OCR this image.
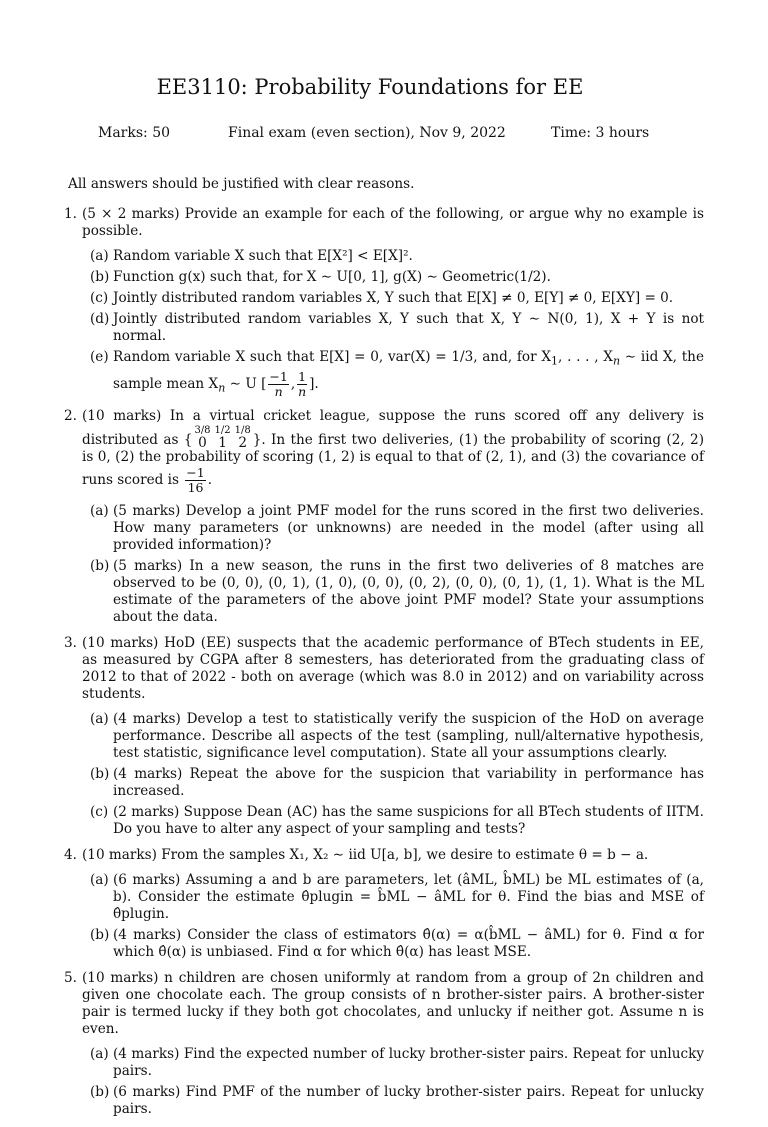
EE3110: Probability Foundations for EE
Marks: 50	Final exam (even section), Nov 9, 2022	Time: 3 hours
All answers should be justified with clear reasons.
1. (5 × 2 marks) Provide an example for each of the following, or argue why no example is possible.
(a) Random variable X such that E[X²] < E[X]².
(b) Function g(x) such that, for X ∼ U[0, 1], g(X) ∼ Geometric(1/2).
(c) Jointly distributed random variables X, Y such that E[X] ≠ 0, E[Y] ≠ 0, E[XY] = 0.
(d) Jointly distributed random variables X, Y such that X, Y ∼ N(0, 1), X + Y is not normal.
(e) Random variable X such that E[X] = 0, var(X) = 1/3, and, for $X_1$, . . . , $X_n$ ∼ iid X, the sample mean $X_n$ ∼ U [ $\frac{-1}{n}$ , $\frac{1}{n}$ ].
2. (10 marks) In a virtual cricket league, suppose the runs scored off any delivery is distributed as {3/8	1/2	1/8
0	1	2 }. In the first two deliveries, (1) the probability of scoring (2, 2) is 0, (2) the probability of scoring (1, 2) is equal to that of (2, 1), and (3) the covariance of runs scored is $\frac{-1}{16}$ .
(a) (5 marks) Develop a joint PMF model for the runs scored in the first two deliveries. How many parameters (or unknowns) are needed in the model (after using all provided information)?
(b) (5 marks) In a new season, the runs in the first two deliveries of 8 matches are observed to be (0, 0), (0, 1), (1, 0), (0, 0), (0, 2), (0, 0), (0, 1), (1, 1). What is the ML estimate of the parameters of the above joint PMF model? State your assumptions about the data.
3. (10 marks) HoD (EE) suspects that the academic performance of BTech students in EE, as measured by CGPA after 8 semesters, has deteriorated from the graduating class of 2012 to that of 2022 - both on average (which was 8.0 in 2012) and on variability across students.
(a) (4 marks) Develop a test to statistically verify the suspicion of the HoD on average performance. Describe all aspects of the test (sampling, null/alternative hypothesis, test statistic, significance level computation). State all your assumptions clearly.
(b) (4 marks) Repeat the above for the suspicion that variability in performance has increased.
(c) (2 marks) Suppose Dean (AC) has the same suspicions for all BTech students of IITM. Do you have to alter any aspect of your sampling and tests?
4. (10 marks) From the samples X₁, X₂ ∼ iid U[a, b], we desire to estimate θ = b − a.
(a) (6 marks) Assuming a and b are parameters, let (âML, b̂ML) be ML estimates of (a, b). Consider the estimate θ̂plugin = b̂ML − âML for θ. Find the bias and MSE of θ̂plugin.
(b) (4 marks) Consider the class of estimators θ̂(α) = α(b̂ML − âML) for θ. Find α for which θ̂(α) is unbiased. Find α for which θ̂(α) has least MSE.
5. (10 marks) n children are chosen uniformly at random from a group of 2n children and given one chocolate each. The group consists of n brother-sister pairs. A brother-sister pair is termed lucky if they both got chocolates, and unlucky if neither got. Assume n is even.
(a) (4 marks) Find the expected number of lucky brother-sister pairs. Repeat for unlucky pairs.
(b) (6 marks) Find PMF of the number of lucky brother-sister pairs. Repeat for unlucky pairs.
